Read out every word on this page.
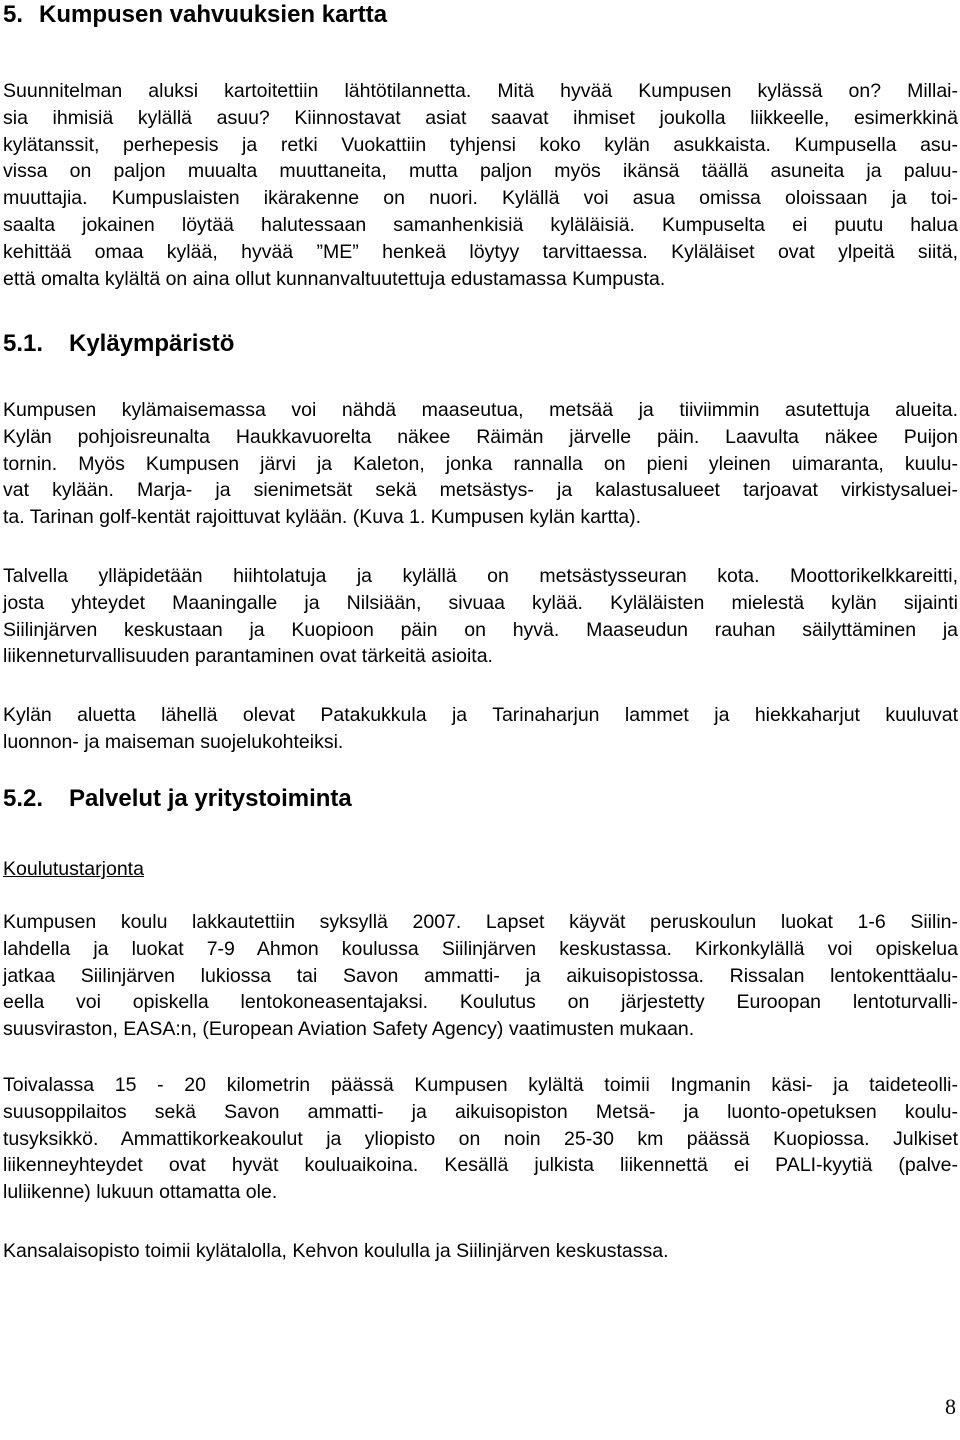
5. Kumpusen vahvuuksien kartta
Suunnitelman aluksi kartoitettiin lähtötilannetta. Mitä hyvää Kumpusen kylässä on? Millai-
sia ihmisiä kylällä asuu? Kiinnostavat asiat saavat ihmiset joukolla liikkeelle, esimerkkinä
kylätanssit, perhepesis ja retki Vuokattiin tyhjensi koko kylän asukkaista. Kumpusella asu-
vissa on paljon muualta muuttaneita, mutta paljon myös ikänsä täällä asuneita ja paluu-
muuttajia. Kumpuslaisten ikärakenne on nuori. Kylällä voi asua omissa oloissaan ja toi-
saalta jokainen löytää halutessaan samanhenkisiä kyläläisiä. Kumpuselta ei puutu halua
kehittää omaa kylää, hyvää ”ME” henkeä löytyy tarvittaessa. Kyläläiset ovat ylpeitä siitä,
että omalta kylältä on aina ollut kunnanvaltuutettuja edustamassa Kumpusta.
5.1. Kyläympäristö
Kumpusen kylämaisemassa voi nähdä maaseutua, metsää ja tiiviimmin asutettuja alueita.
Kylän pohjoisreunalta Haukkavuorelta näkee Räimän järvelle päin. Laavulta näkee Puijon
tornin. Myös Kumpusen järvi ja Kaleton, jonka rannalla on pieni yleinen uimaranta, kuulu-
vat kylään. Marja- ja sienimetsät sekä metsästys- ja kalastusalueet tarjoavat virkistysaluei-
ta. Tarinan golf-kentät rajoittuvat kylään. (Kuva 1. Kumpusen kylän kartta).
Talvella ylläpidetään hiihtolatuja ja kylällä on metsästysseuran kota. Moottorikelkkareitti,
josta yhteydet Maaningalle ja Nilsiään, sivuaa kylää. Kyläläisten mielestä kylän sijainti
Siilinjärven keskustaan ja Kuopioon päin on hyvä. Maaseudun rauhan säilyttäminen ja
liikenneturvallisuuden parantaminen ovat tärkeitä asioita.
Kylän aluetta lähellä olevat Patakukkula ja Tarinaharjun lammet ja hiekkaharjut kuuluvat
luonnon- ja maiseman suojelukohteiksi.
5.2. Palvelut ja yritystoiminta
Koulutustarjonta
Kumpusen koulu lakkautettiin syksyllä 2007. Lapset käyvät peruskoulun luokat 1-6 Siilin-
lahdella ja luokat 7-9 Ahmon koulussa Siilinjärven keskustassa. Kirkonkylällä voi opiskelua
jatkaa Siilinjärven lukiossa tai Savon ammatti- ja aikuisopistossa. Rissalan lentokenttäalu-
eella voi opiskella lentokoneasentajaksi. Koulutus on järjestetty Euroopan lentoturvalli-
suusviraston, EASA:n, (European Aviation Safety Agency) vaatimusten mukaan.
Toivalassa 15 - 20 kilometrin päässä Kumpusen kylältä toimii Ingmanin käsi- ja taideteolli-
suusoppilaitos sekä Savon ammatti- ja aikuisopiston Metsä- ja luonto-opetuksen koulu-
tusyksikkö. Ammattikorkeakoulut ja yliopisto on noin 25-30 km päässä Kuopiossa. Julkiset
liikenneyhteydet ovat hyvät kouluaikoina. Kesällä julkista liikennettä ei PALI-kyytiä (palve-
luliikenne) lukuun ottamatta ole.
Kansalaisopisto toimii kylätalolla, Kehvon koululla ja Siilinjärven keskustassa.
8
